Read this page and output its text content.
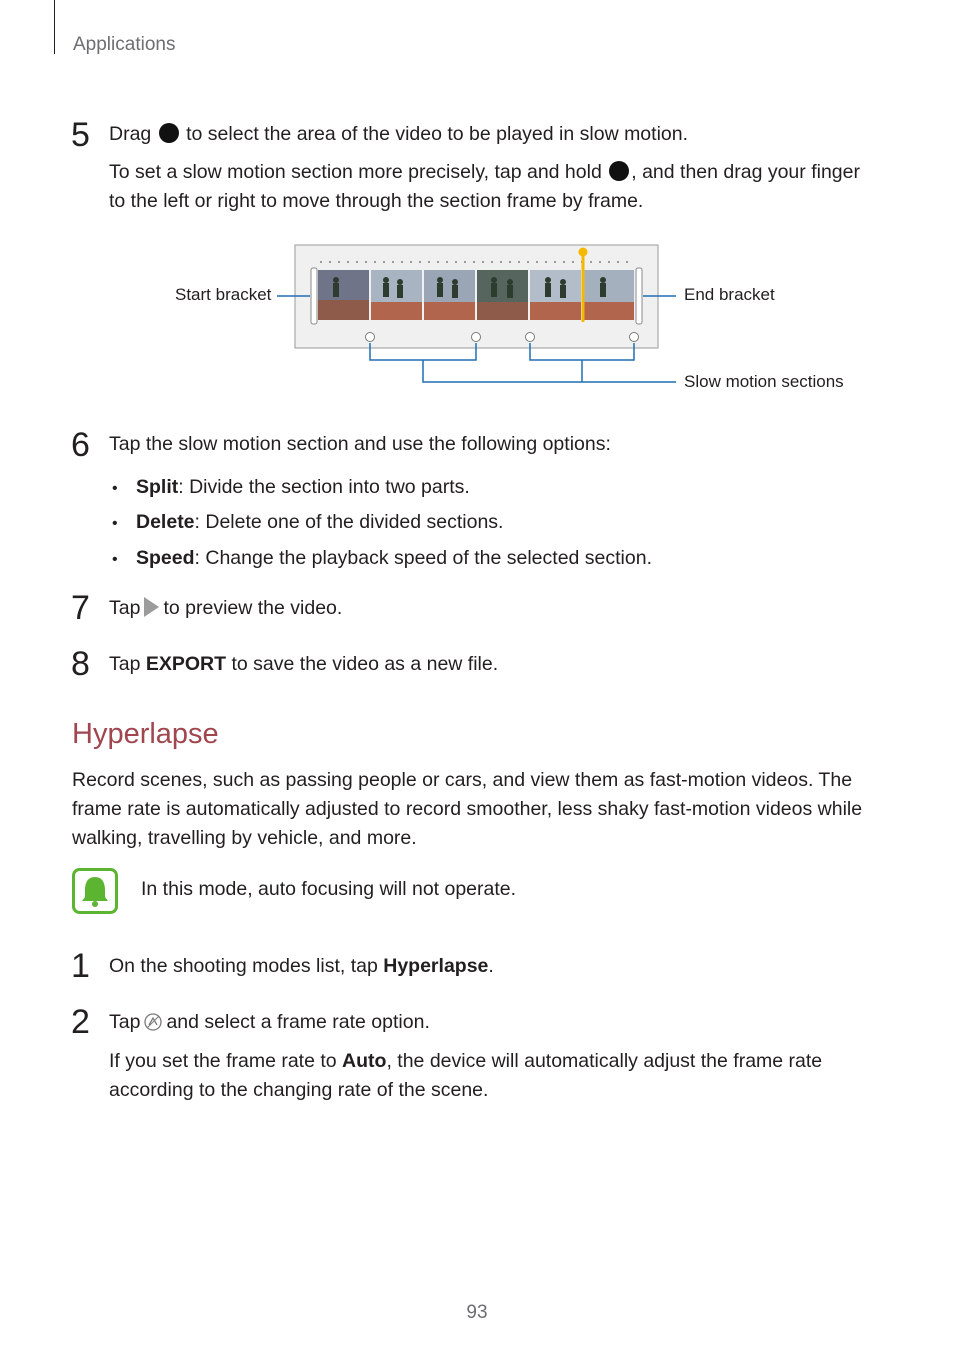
Applications
5 Drag to select the area of the video to be played in slow motion.
To set a slow motion section more precisely, tap and hold , and then drag your finger
to the left or right to move through the section frame by frame.
Start bracket	End bracket
Slow motion sections
6 Tap the slow motion section and use the following options:
• Split: Divide the section into two parts.
• Delete: Delete one of the divided sections.
• Speed: Change the playback speed of the selected section.
7 Tap to preview the video.
8 Tap EXPORT to save the video as a new file.
Hyperlapse
Record scenes, such as passing people or cars, and view them as fast-motion videos. The frame rate is automatically adjusted to record smoother, less shaky fast-motion videos while walking, travelling by vehicle, and more.
In this mode, auto focusing will not operate.
1 On the shooting modes list, tap Hyperlapse.
2 Tap and select a frame rate option.
If you set the frame rate to Auto, the device will automatically adjust the frame rate according to the changing rate of the scene.
93
